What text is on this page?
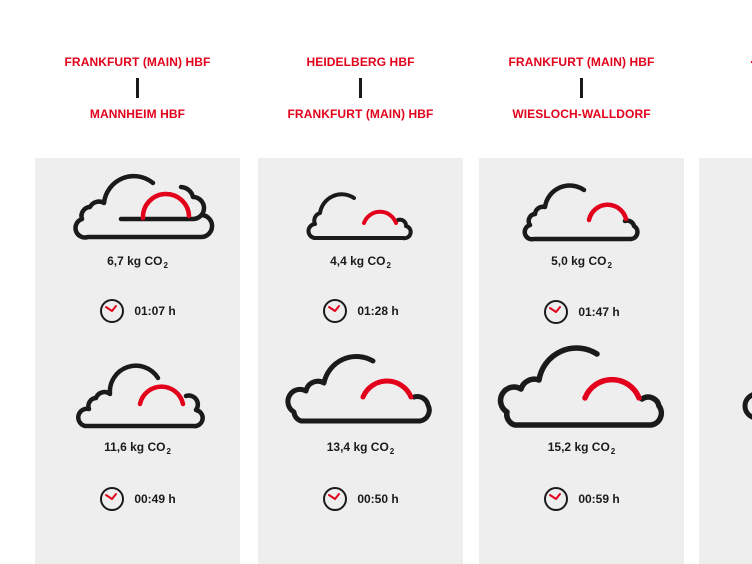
FRANKFURT (MAIN) HBF
MANNHEIM HBF
6,7 kg $CO_2$
01:07 h
11,6 kg $CO_2$
00:49 h
HEIDELBERG HBF
FRANKFURT (MAIN) HBF
4,4 kg $CO_2$
01:28 h
13,4 kg $CO_2$
00:50 h
FRANKFURT (MAIN) HBF
WIESLOCH-WALLDORF
5,0 kg $CO_2$
01:47 h
15,2 kg $CO_2$
00:59 h
